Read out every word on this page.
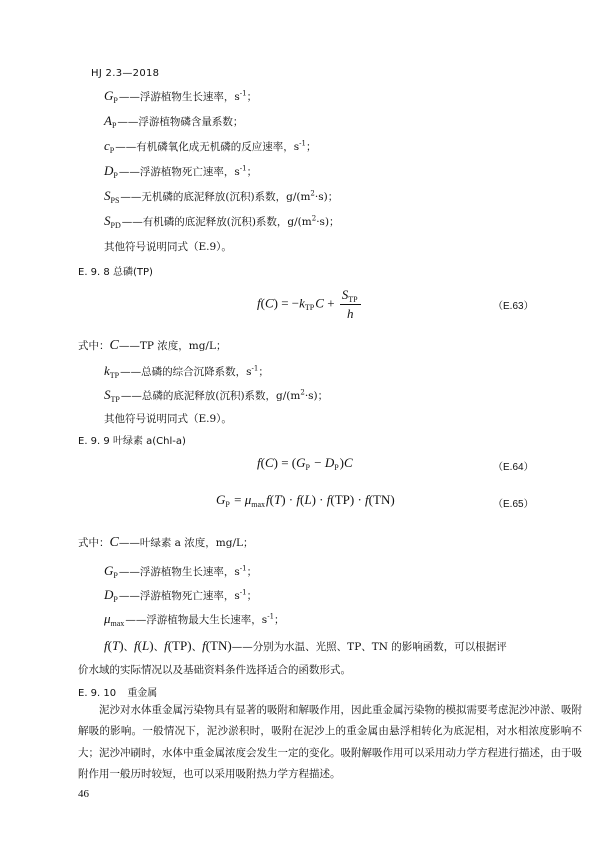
HJ 2.3—2018
$G_P——$浮游植物生长速率，$s^{-1}$；
$A_P——$浮游植物磷含量系数；
$c_P——$有机磷氧化成无机磷的反应速率，$s^{-1}$；
$D_P——$浮游植物死亡速率，$s^{-1}$；
$S_{PS}——$无机磷的底泥释放(沉积)系数，$g/(m^2\cdot s)$；
$S_{PD}——$有机磷的底泥释放(沉积)系数，$g/(m^2\cdot s)$；
其他符号说明同式（E.9）。
E. 9. 8 总磷(TP)
$f(C) = -k_{TP}C + \frac{S_{TP}}{h}$	（E.63）
式中：C——TP 浓度，mg/L；
$k_{TP}——$总磷的综合沉降系数，$s^{-1}$；
$S_{TP}——$总磷的底泥释放(沉积)系数，$g/(m^2\cdot s)$；
其他符号说明同式（E.9）。
E. 9. 9 叶绿素 a(Chl-a)
$f(C) = (G_P - D_P)C$	（E.64）
$G_P = \mu_{max}f(T) \cdot f(L) \cdot f(TP) \cdot f(TN)$	（E.65）
式中：C——叶绿素 a 浓度，mg/L；
$G_P——$浮游植物生长速率，$s^{-1}$；
$D_P——$浮游植物死亡速率，$s^{-1}$；
$\mu_{max}——$浮游植物最大生长速率，$s^{-1}$；
f(T)、f(L)、f(TP)、f(TN)——分别为水温、光照、TP、TN 的影响函数，可以根据评
价水域的实际情况以及基础资料条件选择适合的函数形式。
E. 9. 10 重金属
泥沙对水体重金属污染物具有显著的吸附和解吸作用，因此重金属污染物的模拟需要考虑泥沙冲淤、吸附解吸的影响。一般情况下，泥沙淤积时，吸附在泥沙上的重金属由悬浮相转化为底泥相，对水相浓度影响不大；泥沙冲刷时，水体中重金属浓度会发生一定的变化。吸附解吸作用可以采用动力学方程进行描述，由于吸附作用一般历时较短，也可以采用吸附热力学方程描述。
46
